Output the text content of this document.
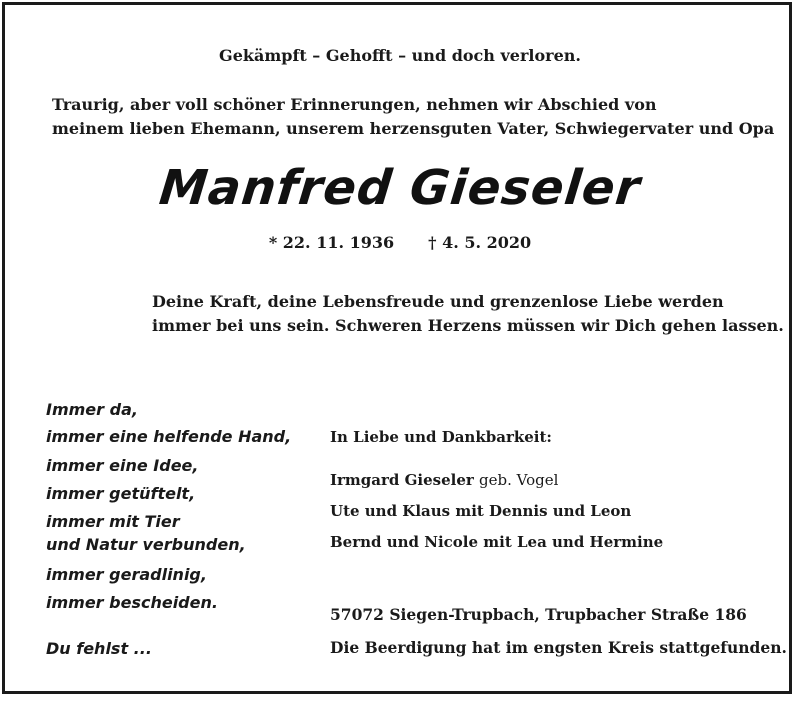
Gekämpft – Gehofft – und doch verloren.
Traurig, aber voll schöner Erinnerungen, nehmen wir Abschied von
meinem lieben Ehemann, unserem herzensguten Vater, Schwiegervater und Opa
Manfred Gieseler
* 22. 11. 1936 † 4. 5. 2020
Deine Kraft, deine Lebensfreude und grenzenlose Liebe werden
immer bei uns sein. Schweren Herzens müssen wir Dich gehen lassen.
Immer da,
immer eine helfende Hand,
immer eine Idee,
immer getüftelt,
immer mit Tier
und Natur verbunden,
immer geradlinig,
immer bescheiden.
Du fehlst ...
In Liebe und Dankbarkeit:
Irmgard Gieseler geb. Vogel
Ute und Klaus mit Dennis und Leon
Bernd und Nicole mit Lea und Hermine
57072 Siegen-Trupbach, Trupbacher Straße 186
Die Beerdigung hat im engsten Kreis stattgefunden.
